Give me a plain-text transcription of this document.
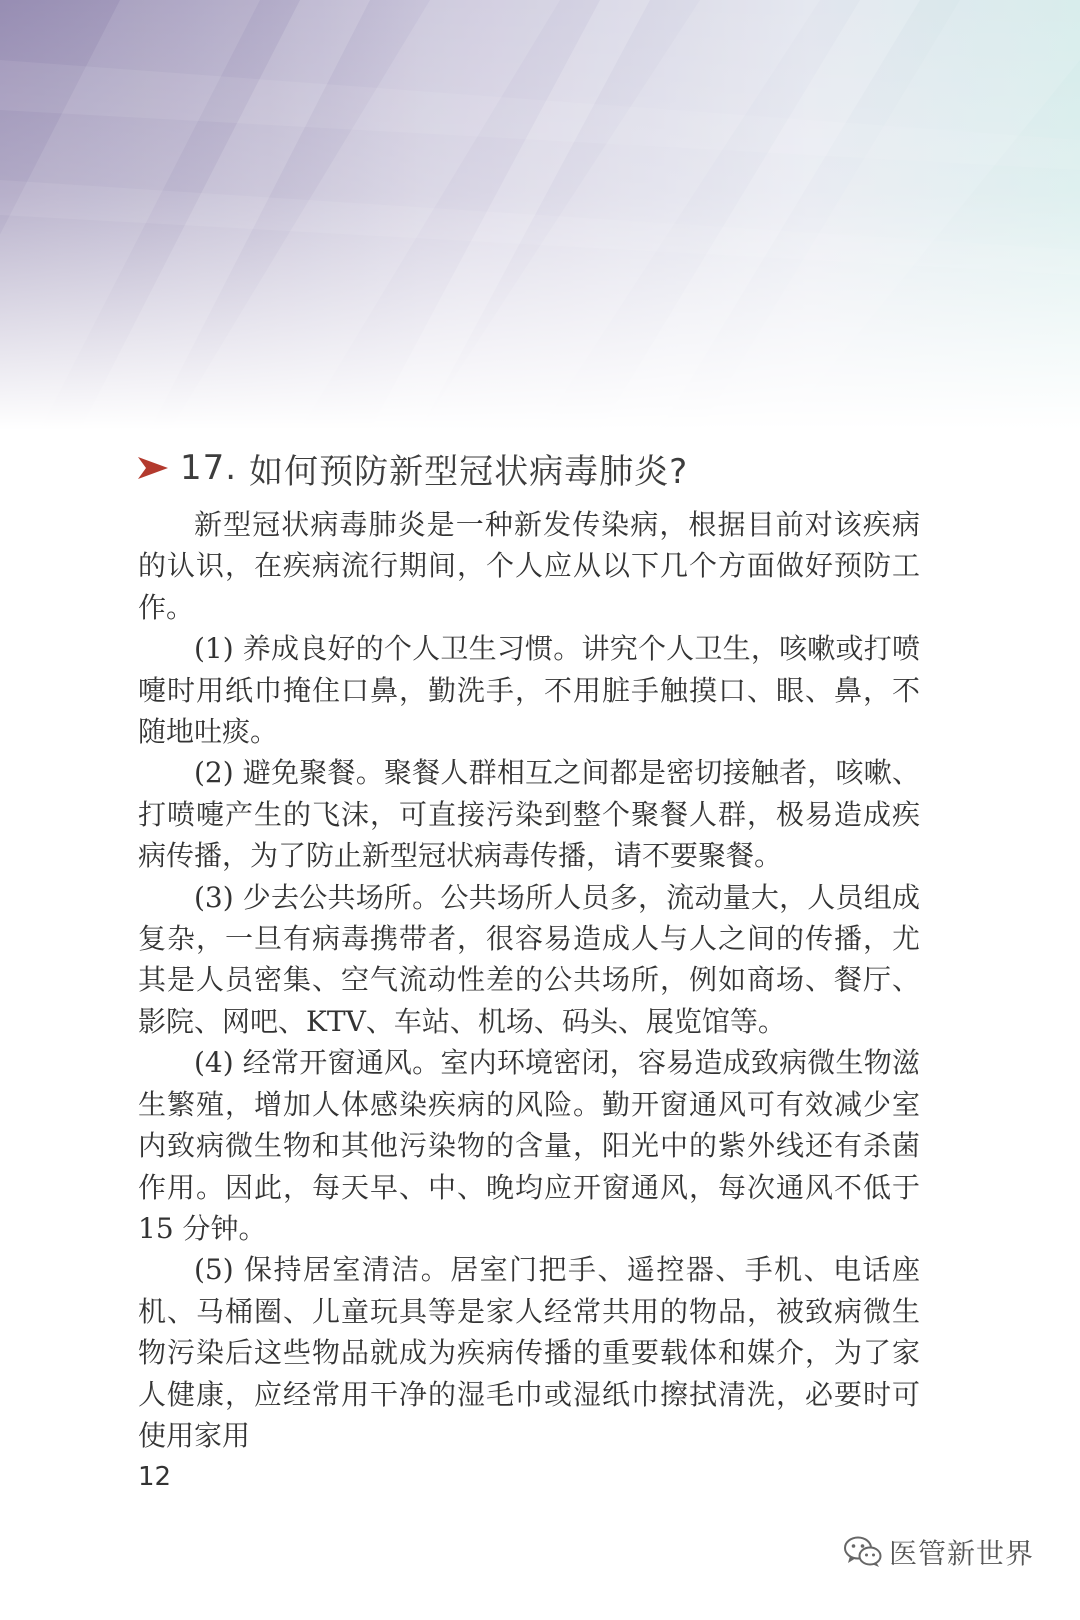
17. 如何预防新型冠状病毒肺炎?

新型冠状病毒肺炎是一种新发传染病，根据目前对该疾病的认识，在疾病流行期间，个人应从以下几个方面做好预防工作。

(1) 养成良好的个人卫生习惯。讲究个人卫生，咳嗽或打喷嚏时用纸巾掩住口鼻，勤洗手，不用脏手触摸口、眼、鼻，不随地吐痰。

(2) 避免聚餐。聚餐人群相互之间都是密切接触者，咳嗽、打喷嚏产生的飞沫，可直接污染到整个聚餐人群，极易造成疾病传播，为了防止新型冠状病毒传播，请不要聚餐。

(3) 少去公共场所。公共场所人员多，流动量大，人员组成复杂，一旦有病毒携带者，很容易造成人与人之间的传播，尤其是人员密集、空气流动性差的公共场所，例如商场、餐厅、影院、网吧、KTV、车站、机场、码头、展览馆等。

(4) 经常开窗通风。室内环境密闭，容易造成致病微生物滋生繁殖，增加人体感染疾病的风险。勤开窗通风可有效减少室内致病微生物和其他污染物的含量，阳光中的紫外线还有杀菌作用。因此，每天早、中、晚均应开窗通风，每次通风不低于 15 分钟。

(5) 保持居室清洁。居室门把手、遥控器、手机、电话座机、马桶圈、儿童玩具等是家人经常共用的物品，被致病微生物污染后这些物品就成为疾病传播的重要载体和媒介，为了家人健康，应经常用干净的湿毛巾或湿纸巾擦拭清洗，必要时可使用家用

12
医管新世界
